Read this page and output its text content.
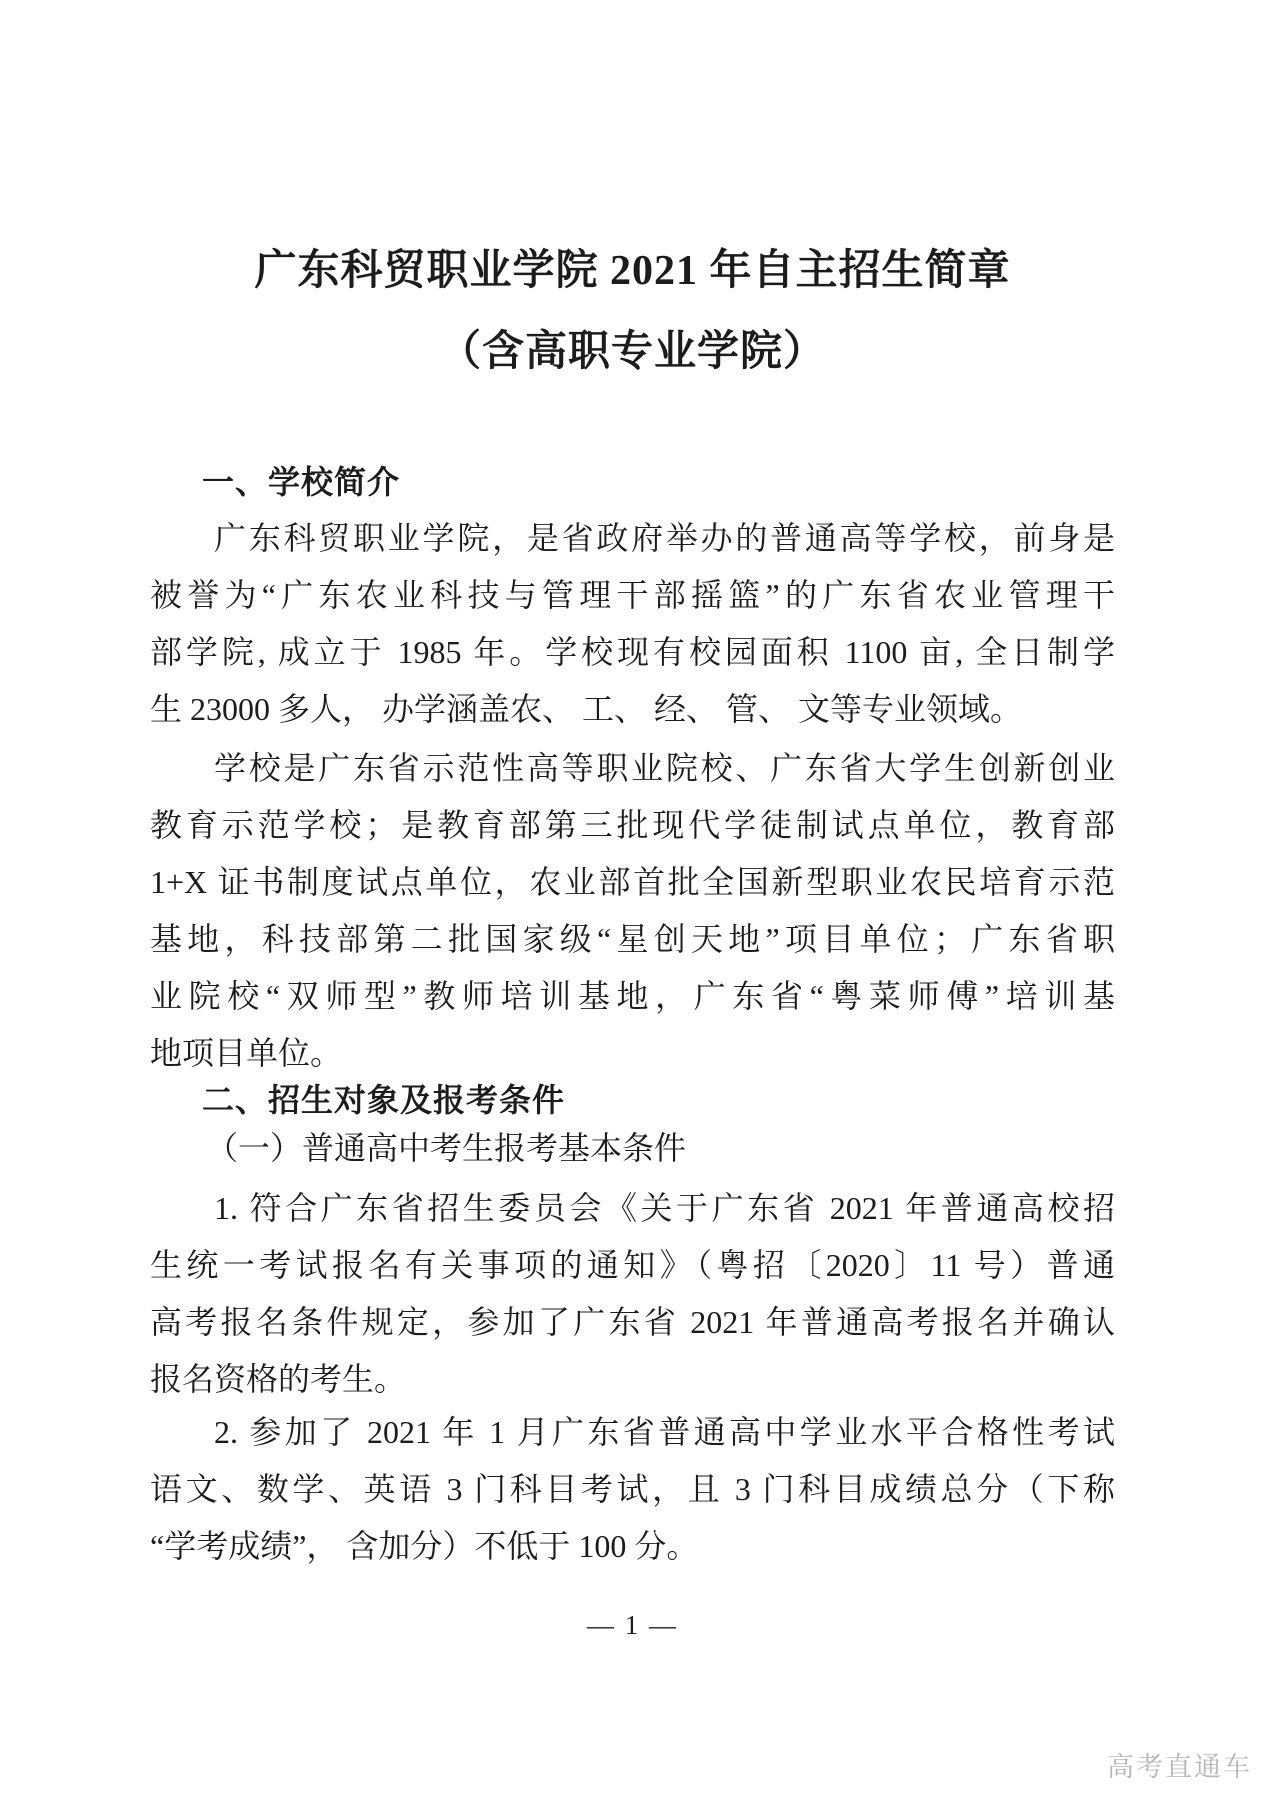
广东科贸职业学院 2021 年自主招生简章
（含高职专业学院）
一、学校简介
广东科贸职业学院，是省政府举办的普通高等学校，前身是
被誉为“广东农业科技与管理干部摇篮”的广东省农业管理干
部学院, 成立于 1985 年。学校现有校园面积 1100 亩, 全日制学
生 23000 多人， 办学涵盖农、 工、 经、 管、 文等专业领域。
学校是广东省示范性高等职业院校、广东省大学生创新创业
教育示范学校；是教育部第三批现代学徒制试点单位，教育部
1+X 证书制度试点单位，农业部首批全国新型职业农民培育示范
基地，科技部第二批国家级“星创天地”项目单位；广东省职
业院校“双师型”教师培训基地，广东省“粤菜师傅”培训基
地项目单位。
二、招生对象及报考条件
（一）普通高中考生报考基本条件
1. 符合广东省招生委员会《关于广东省 2021 年普通高校招
生统一考试报名有关事项的通知》（粤招〔2020〕11 号）普通
高考报名条件规定，参加了广东省 2021 年普通高考报名并确认
报名资格的考生。
2. 参加了 2021 年 1 月广东省普通高中学业水平合格性考试
语文、数学、英语 3 门科目考试，且 3 门科目成绩总分（下称
“学考成绩”， 含加分）不低于 100 分。
— 1 —
高考直通车
